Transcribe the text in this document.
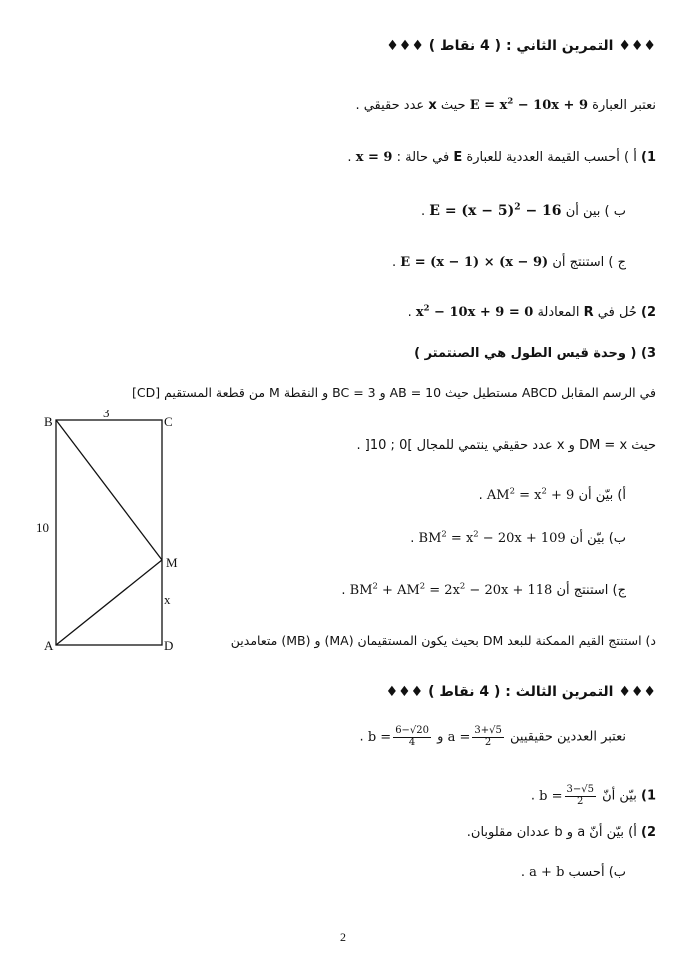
♦♦♦ التمرين الثاني : ( 4 نقاط ) ♦♦♦
نعتبر العبارة $E = x^2 - 10x + 9$ حيث x عدد حقيقي .
1) أ ) أحسب القيمة العددية للعبارة E في حالة : x = 9 .
ب ) بين أن $E = (x - 5)^2 - 16$ .
ج ) استنتج أن E = (x − 1) × (x − 9) .
2) حُل في R المعادلة $x^2 - 10x + 9 = 0$ .
3) ( وحدة قيس الطول هي الصنتمتر )
في الرسم المقابل ABCD مستطيل حيث AB = 10 و BC = 3 و النقطة M من قطعة المستقيم [CD]
حيث DM = x و x عدد حقيقي ينتمي للمجال ]0 ; 10[ .
أ) بيّن أن $AM^2 = x^2 + 9$ .
ب) بيّن أن $BM^2 = x^2 - 20x + 109$ .
ج) استنتج أن $BM^2 + AM^2 = 2x^2 - 20x + 118$ .
د) استنتج القيم الممكنة للبعد DM بحيث يكون المستقيمان (MA) و (MB) متعامدين
B	C
A	D
M
3
10
x
♦♦♦ التمرين الثالث : ( 4 نقاط ) ♦♦♦
نعتبر العددين حقيقيين $a = \frac{3+√5}{2}$
و $b = \frac{6-√20}{4}$
.
1) بيّن أنّ $b = \frac{3-√5}{2}$
.
2) أ) بيّن أنّ a و b عددان مقلوبان.
ب) أحسب a + b .
2
